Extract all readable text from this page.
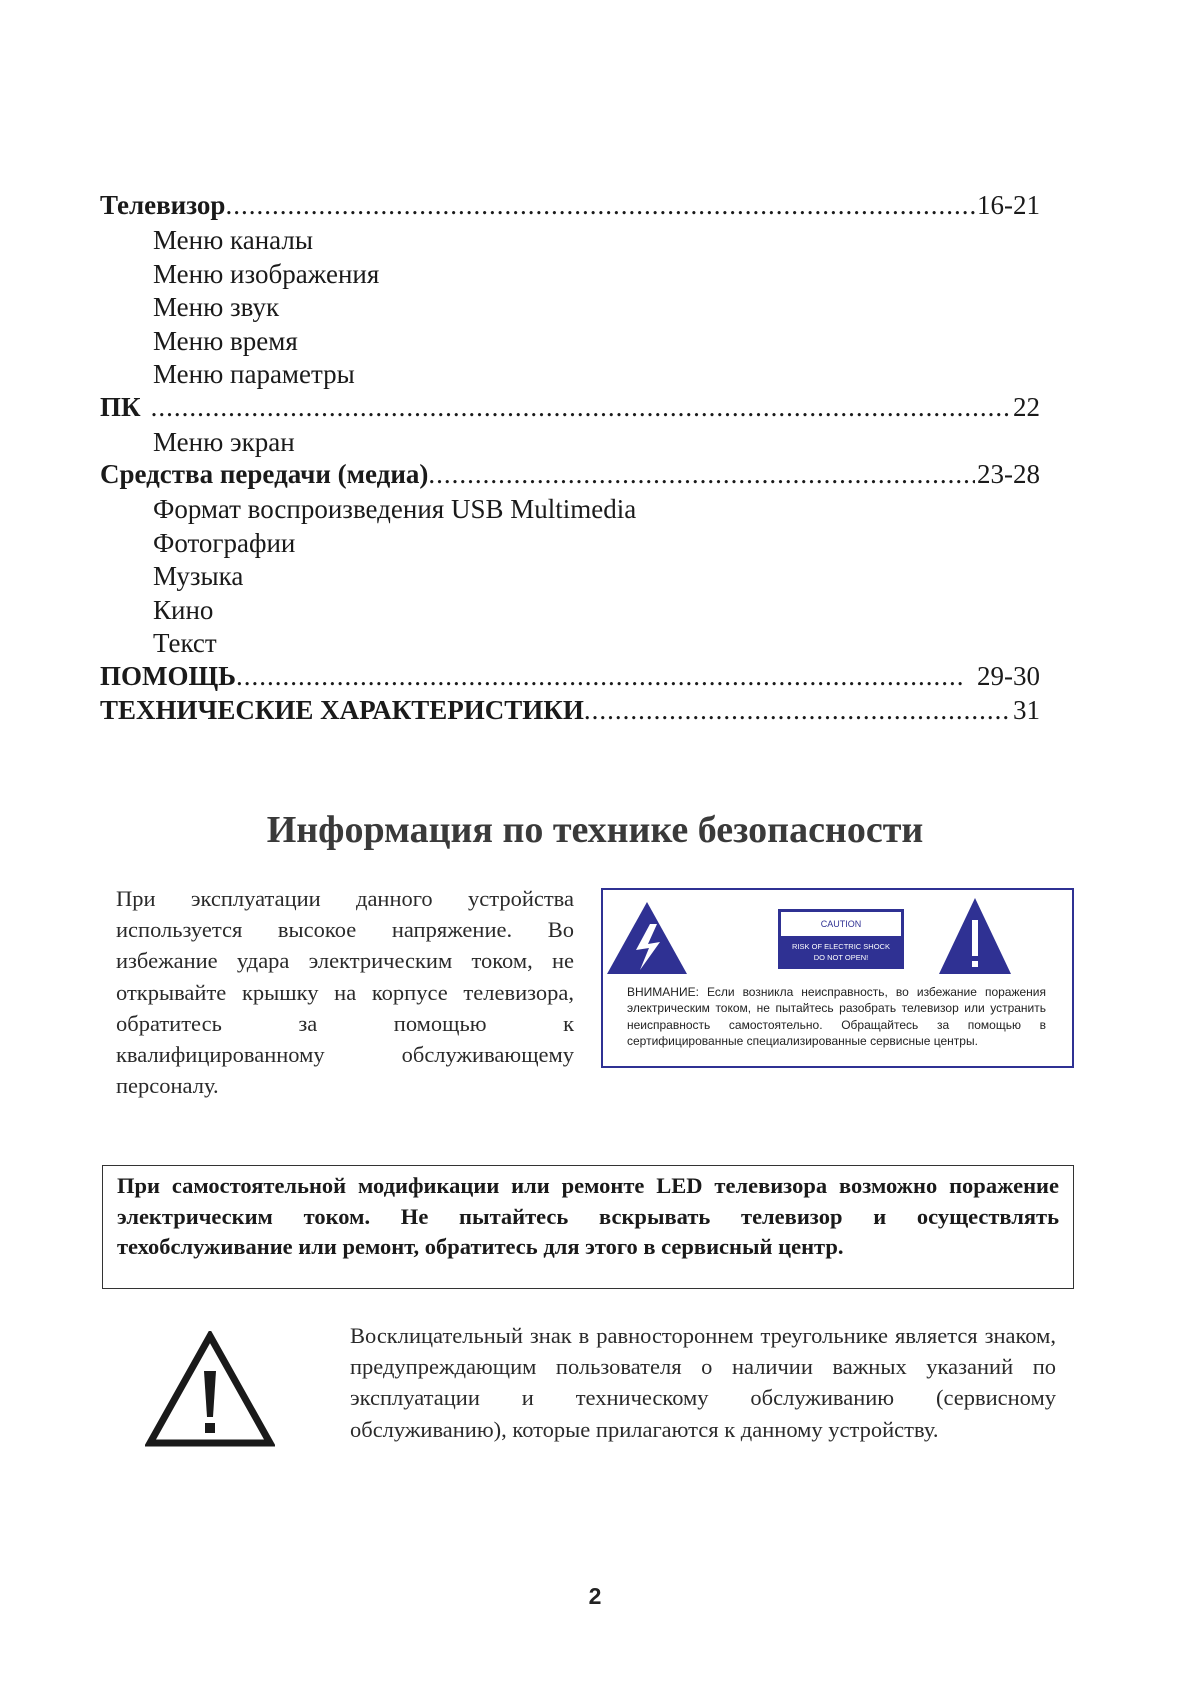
Телевизор .....	16-21
Меню каналы
Меню изображения
Меню звук
Меню время
Меню параметры
ПК .....	22
Меню экран
Средства передачи (медиа) .....	23-28
Формат воспроизведения USB Multimedia
Фотографии
Музыка
Кино
Текст
ПОМОЩЬ .....	29-30
ТЕХНИЧЕСКИЕ ХАРАКТЕРИСТИКИ .....	31
Информация по технике безопасности
При эксплуатации данного устройства используется высокое напряжение. Во избежание удара электрическим током, не открывайте крышку на корпусе телевизора, обратитесь за помощью к квалифицированному обслуживающему персоналу.
CAUTION
RISK OF ELECTRIC SHOCK
DO NOT OPEN!
ВНИМАНИЕ: Если возникла неисправность, во избежание поражения электрическим током, не пытайтесь разобрать телевизор или устранить неисправность самостоятельно. Обращайтесь за помощью в сертифицированные специализированные сервисные центры.
При самостоятельной модификации или ремонте LED телевизора возможно поражение электрическим током. Не пытайтесь вскрывать телевизор и осуществлять техобслуживание или ремонт, обратитесь для этого в сервисный центр.
Восклицательный знак в равностороннем треугольнике является знаком, предупреждающим пользователя о наличии важных указаний по эксплуатации и техническому обслуживанию (сервисному обслуживанию), которые прилагаются к данному устройству.
2
